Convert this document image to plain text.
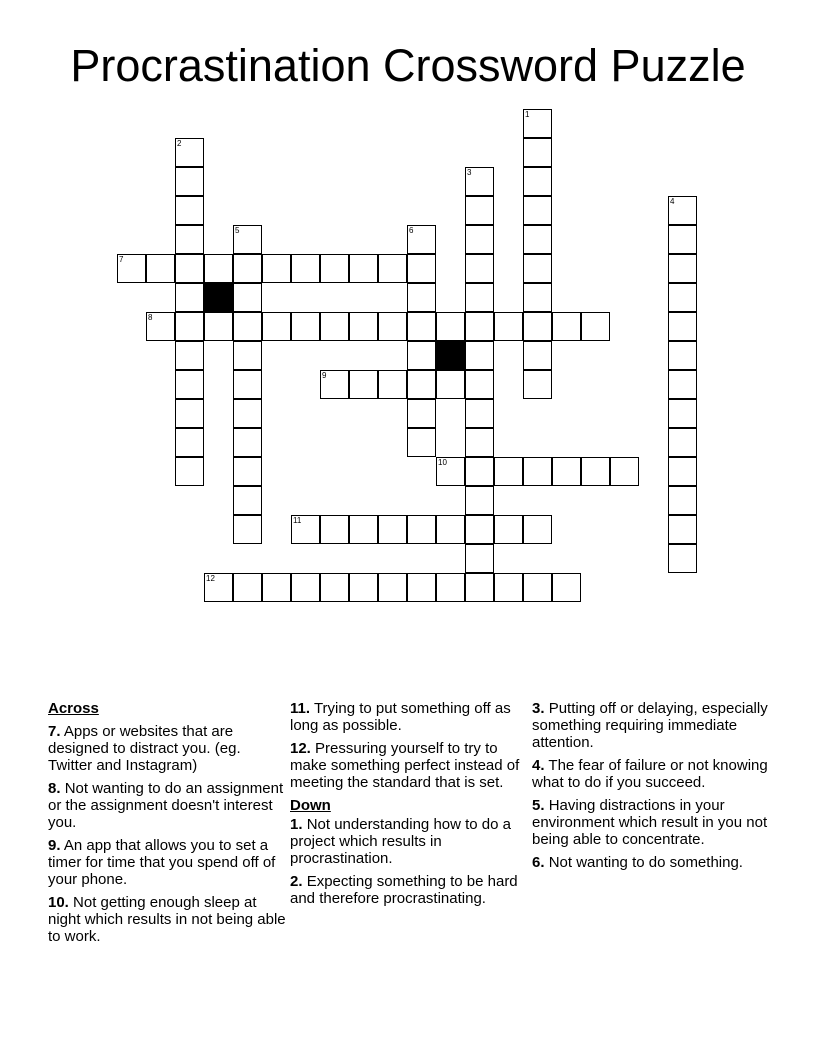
Procrastination Crossword Puzzle
1
2
3
4
5	6
7
8
9
10
11
12
Across
7. Apps or websites that are designed to distract you. (eg. Twitter and Instagram)
8. Not wanting to do an assignment or the assignment doesn't interest you.
9. An app that allows you to set a timer for time that you spend off of your phone.
10. Not getting enough sleep at night which results in not being able to work.
11. Trying to put something off as long as possible.
12. Pressuring yourself to try to make something perfect instead of meeting the standard that is set.
Down
1. Not understanding how to do a project which results in procrastination.
2. Expecting something to be hard and therefore procrastinating.
3. Putting off or delaying, especially something requiring immediate attention.
4. The fear of failure or not knowing what to do if you succeed.
5. Having distractions in your environment which result in you not being able to concentrate.
6. Not wanting to do something.
